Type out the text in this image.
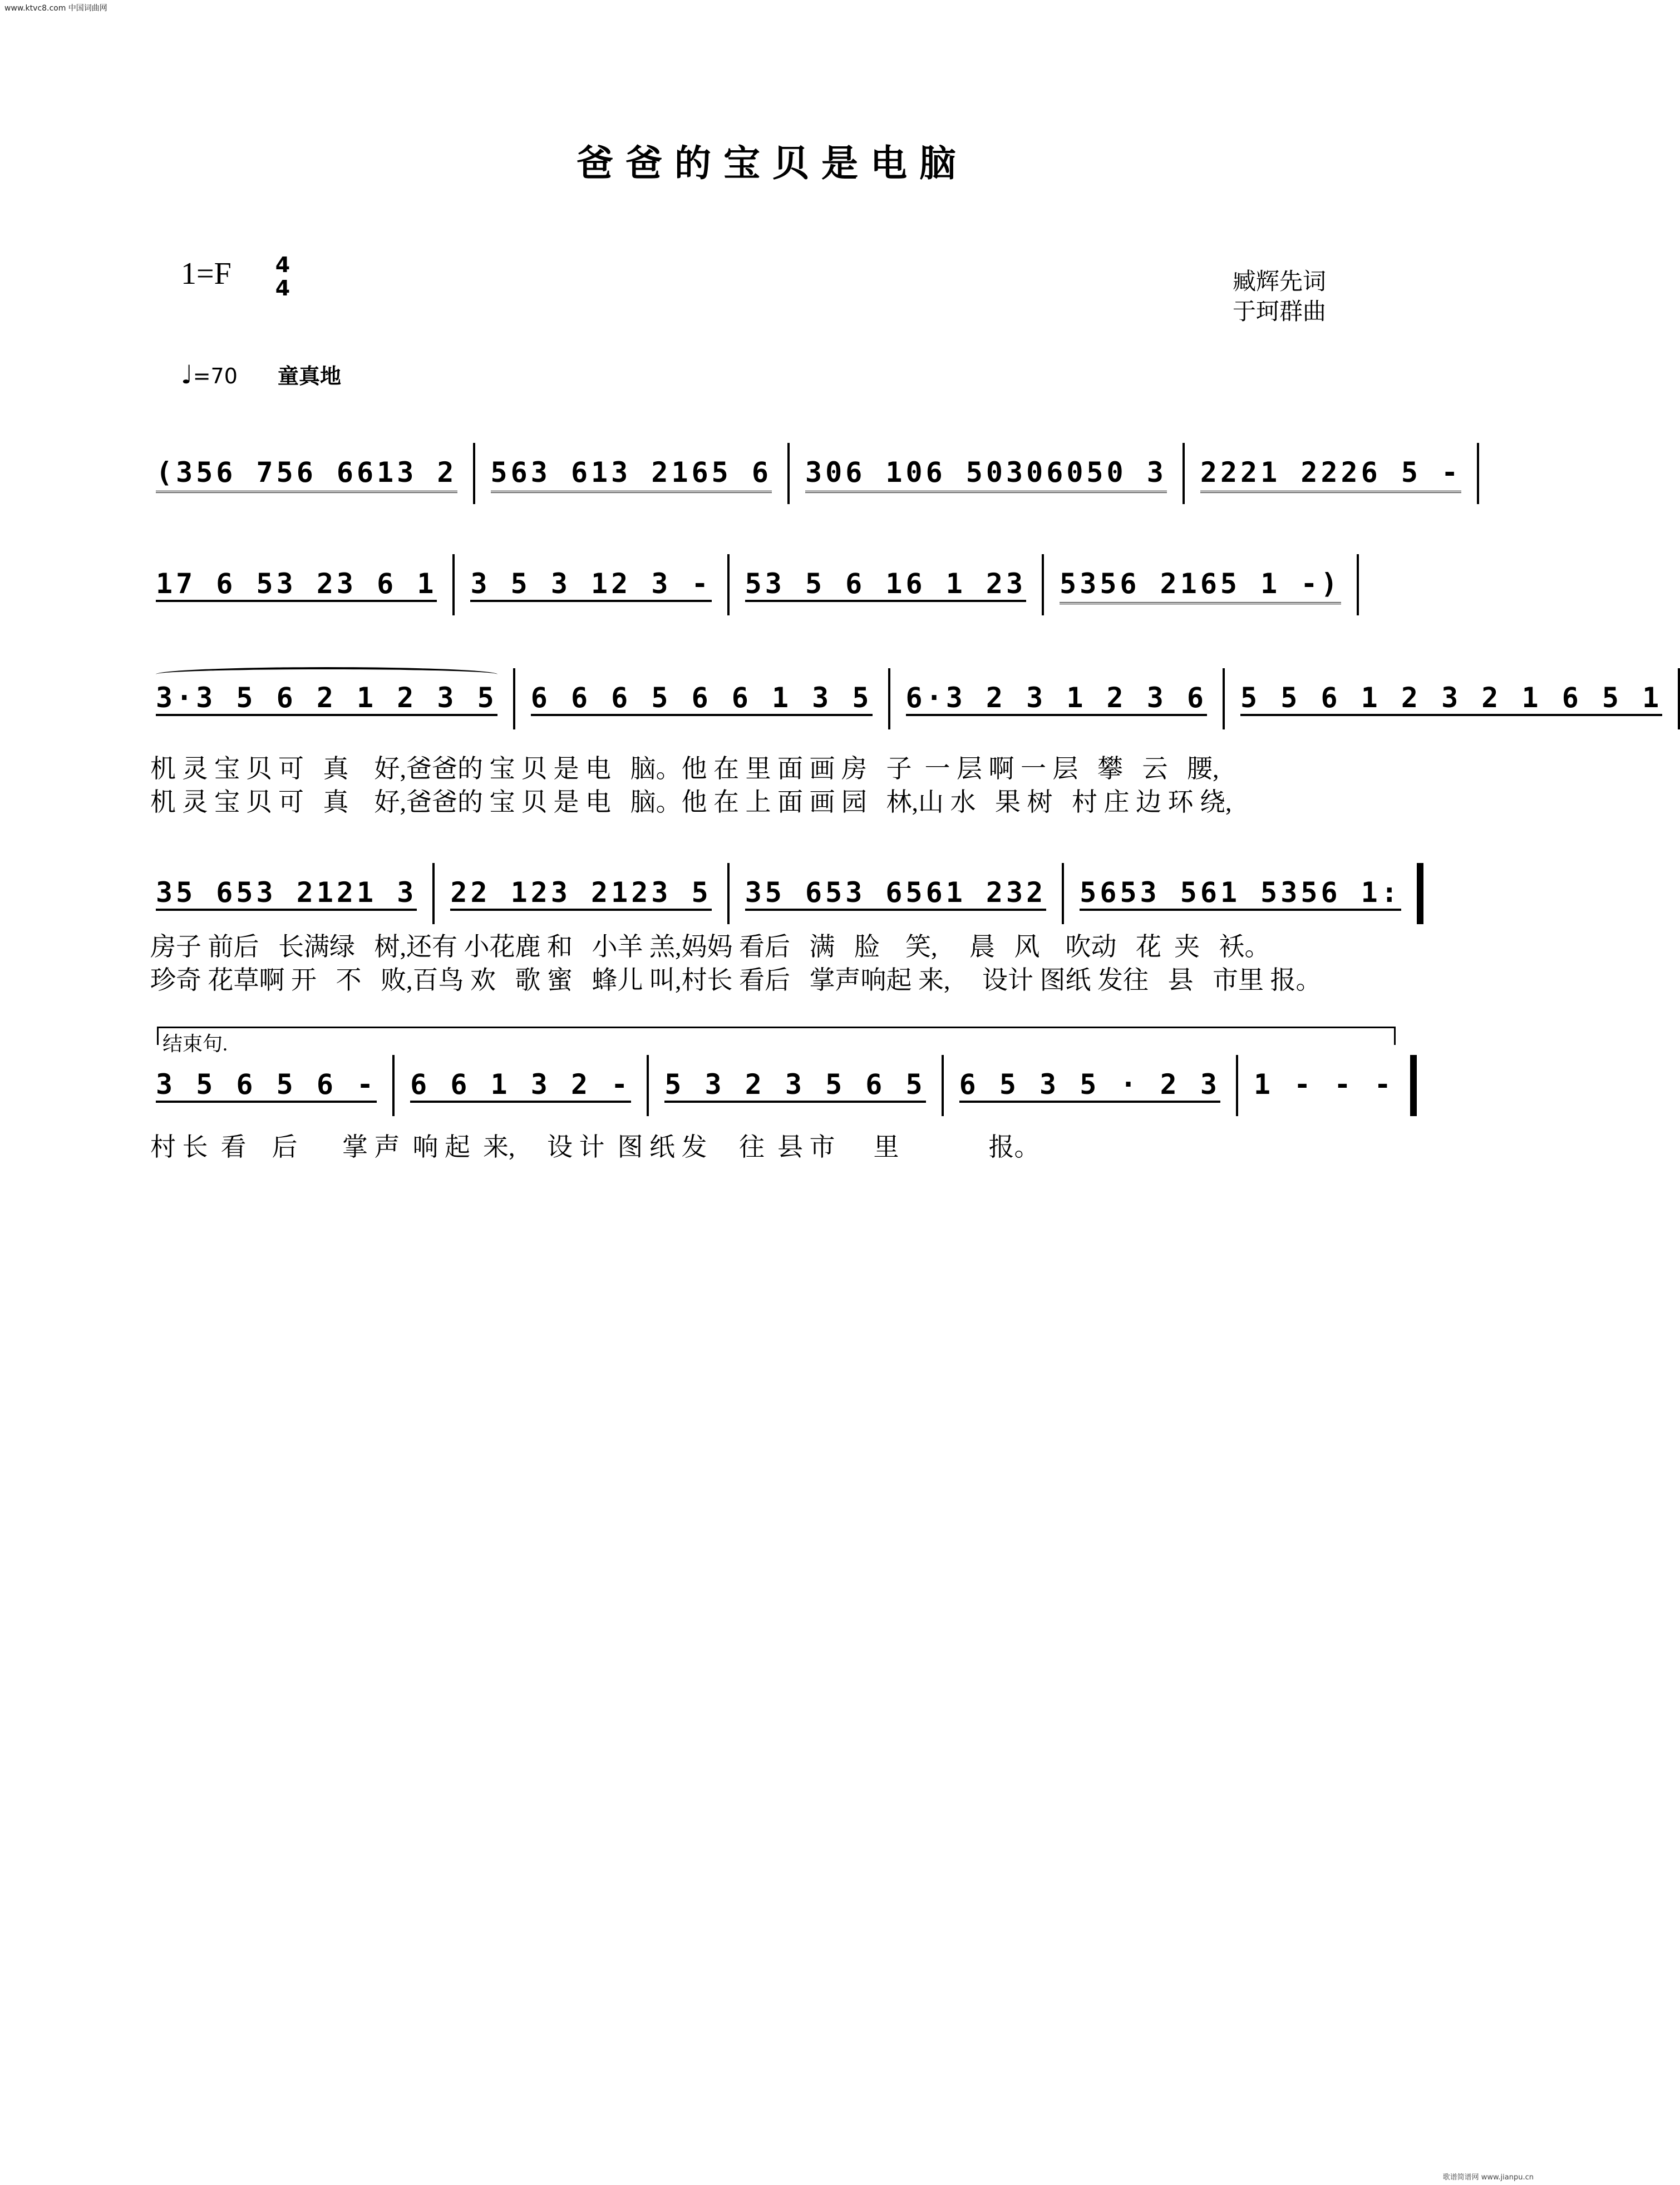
www.ktvc8.com 中国词曲网
爸爸的宝贝是电脑
1=F 4
4	臧辉先词
于珂群曲
♩=70 童真地
(356 756 6613 2 563 613 2165 6 306 106 50306050 3 2221 2226 5 -
17 6 53 23 6 1 3 5 3 12 3 - 53 5 6 16 1 23 5356 2165 1 -)
3·3 5 6 2 1 2 3 5 6 6 6 5 6 6 1 3 5 6·3 2 3 1 2 3 6 5 5 6 1 2 3 2 1 6 5 1
机 灵 宝 贝 可   真    好,爸爸的 宝 贝 是 电   脑。他 在 里 面 画 房   子  一 层 啊 一 层   攀   云   腰,
机 灵 宝 贝 可   真    好,爸爸的 宝 贝 是 电   脑。他 在 上 面 画 园   林,山 水   果 树   村 庄 边 环 绕,
35 653 2121 3 22 123 2123 5 35 653 6561 232 5653 561 5356 1:
房子 前后   长满绿   树,还有 小花鹿 和   小羊 羔,妈妈 看后   满   脸    笑,     晨   风    吹动   花  夹   袄。
珍奇 花草啊 开   不   败,百鸟 欢   歌 蜜   蜂儿 叫,村长 看后   掌声响起 来,     设计 图纸 发往   县   市里 报。
结束句.
3 5 6 5 6 - 6 6 1 3 2 - 5 3 2 3 5 6 5 6 5 3 5 · 2 3 1 - - -
村 长  看    后       掌 声  响 起  来,     设 计  图 纸 发     往  县 市      里              报。
歌谱简谱网 www.jianpu.cn
